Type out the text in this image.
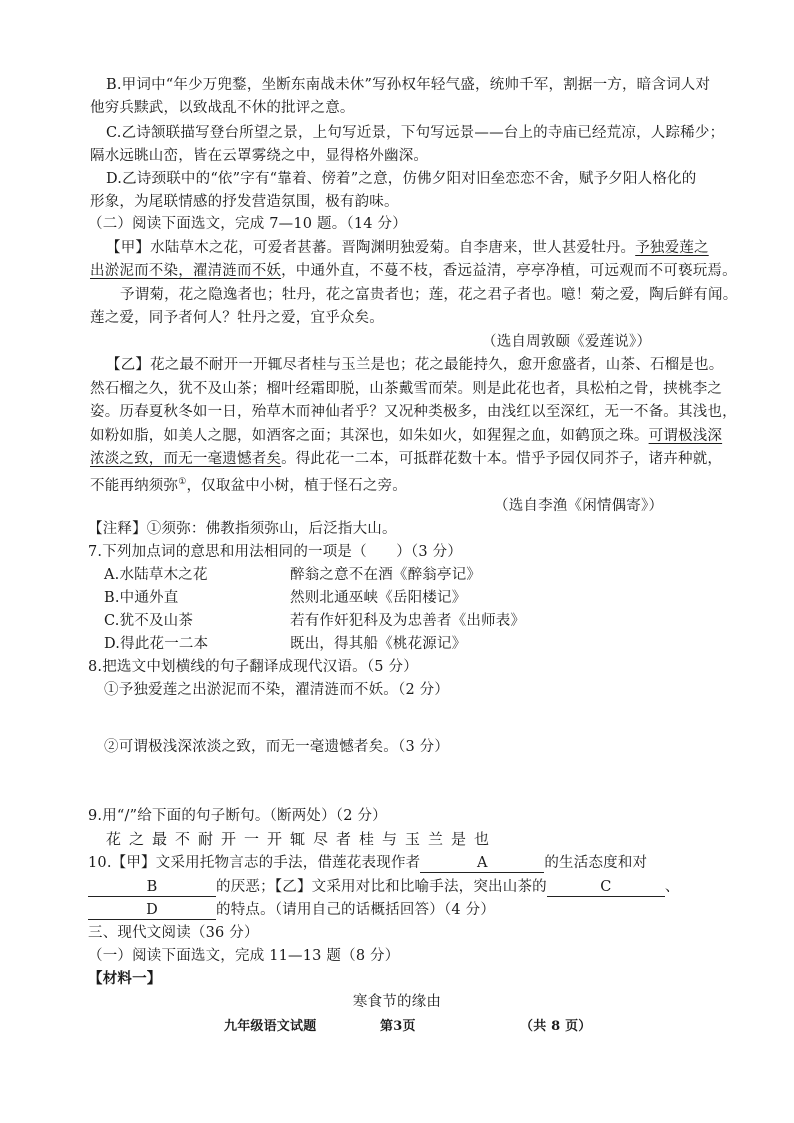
B.甲词中“年少万兜鍪，坐断东南战未休”写孙权年轻气盛，统帅千军，割据一方，暗含词人对
他穷兵黩武，以致战乱不休的批评之意。
C.乙诗颔联描写登台所望之景，上句写近景，下句写远景——台上的寺庙已经荒凉，人踪稀少；
隔水远眺山峦，皆在云罩雾绕之中，显得格外幽深。
D.乙诗颈联中的“依”字有“靠着、傍着”之意，仿佛夕阳对旧垒恋恋不舍，赋予夕阳人格化的
形象，为尾联情感的抒发营造氛围，极有韵味。
（二）阅读下面选文，完成 7—10 题。（14 分）
【甲】水陆草木之花，可爱者甚蕃。晋陶渊明独爱菊。自李唐来，世人甚爱牡丹。予独爱莲之
出淤泥而不染，濯清涟而不妖，中通外直，不蔓不枝，香远益清，亭亭净植，可远观而不可亵玩焉。
予谓菊，花之隐逸者也；牡丹，花之富贵者也；莲，花之君子者也。噫！菊之爱，陶后鲜有闻。
莲之爱，同予者何人？牡丹之爱，宜乎众矣。
（选自周敦颐《爱莲说》）
【乙】花之最不耐开一开辄尽者桂与玉兰是也；花之最能持久，愈开愈盛者，山茶、石榴是也。
然石榴之久，犹不及山茶；榴叶经霜即脱，山茶戴雪而荣。则是此花也者，具松柏之骨，挟桃李之
姿。历春夏秋冬如一日，殆草木而神仙者乎？又况种类极多，由浅红以至深红，无一不备。其浅也，
如粉如脂，如美人之腮，如酒客之面；其深也，如朱如火，如猩猩之血，如鹤顶之珠。可谓极浅深
浓淡之致，而无一毫遗憾者矣。得此花一二本，可抵群花数十本。惜乎予园仅同芥子，诸卉种就，
不能再纳须弥①，仅取盆中小树，植于怪石之旁。
（选自李渔《闲情偶寄》）
【注释】①须弥：佛教指须弥山，后泛指大山。
7.下列加点词的意思和用法相同的一项是（　　）（3 分）
A.水陆草木之花	醉翁之意不在酒《醉翁亭记》
B.中通外直	然则北通巫峡《岳阳楼记》
C.犹不及山茶	若有作奸犯科及为忠善者《出师表》
D.得此花一二本	既出，得其船《桃花源记》
8.把选文中划横线的句子翻译成现代汉语。（5 分）
①予独爱莲之出淤泥而不染，濯清涟而不妖。（2 分）
②可谓极浅深浓淡之致，而无一毫遗憾者矣。（3 分）
9.用“/”给下面的句子断句。（断两处）（2 分）
花之最不耐开一开辄尽者桂与玉兰是也
10.【甲】文采用托物言志的手法，借莲花表现作者	A	的生活态度和对
B	的厌恶；【乙】文采用对比和比喻手法，突出山茶的	C	、
D	的特点。（请用自己的话概括回答）（4 分）
三、现代文阅读（36 分）
（一）阅读下面选文，完成 11—13 题（8 分）
【材料一】
寒食节的缘由
九年级语文试题	第3页	（共 8 页）
